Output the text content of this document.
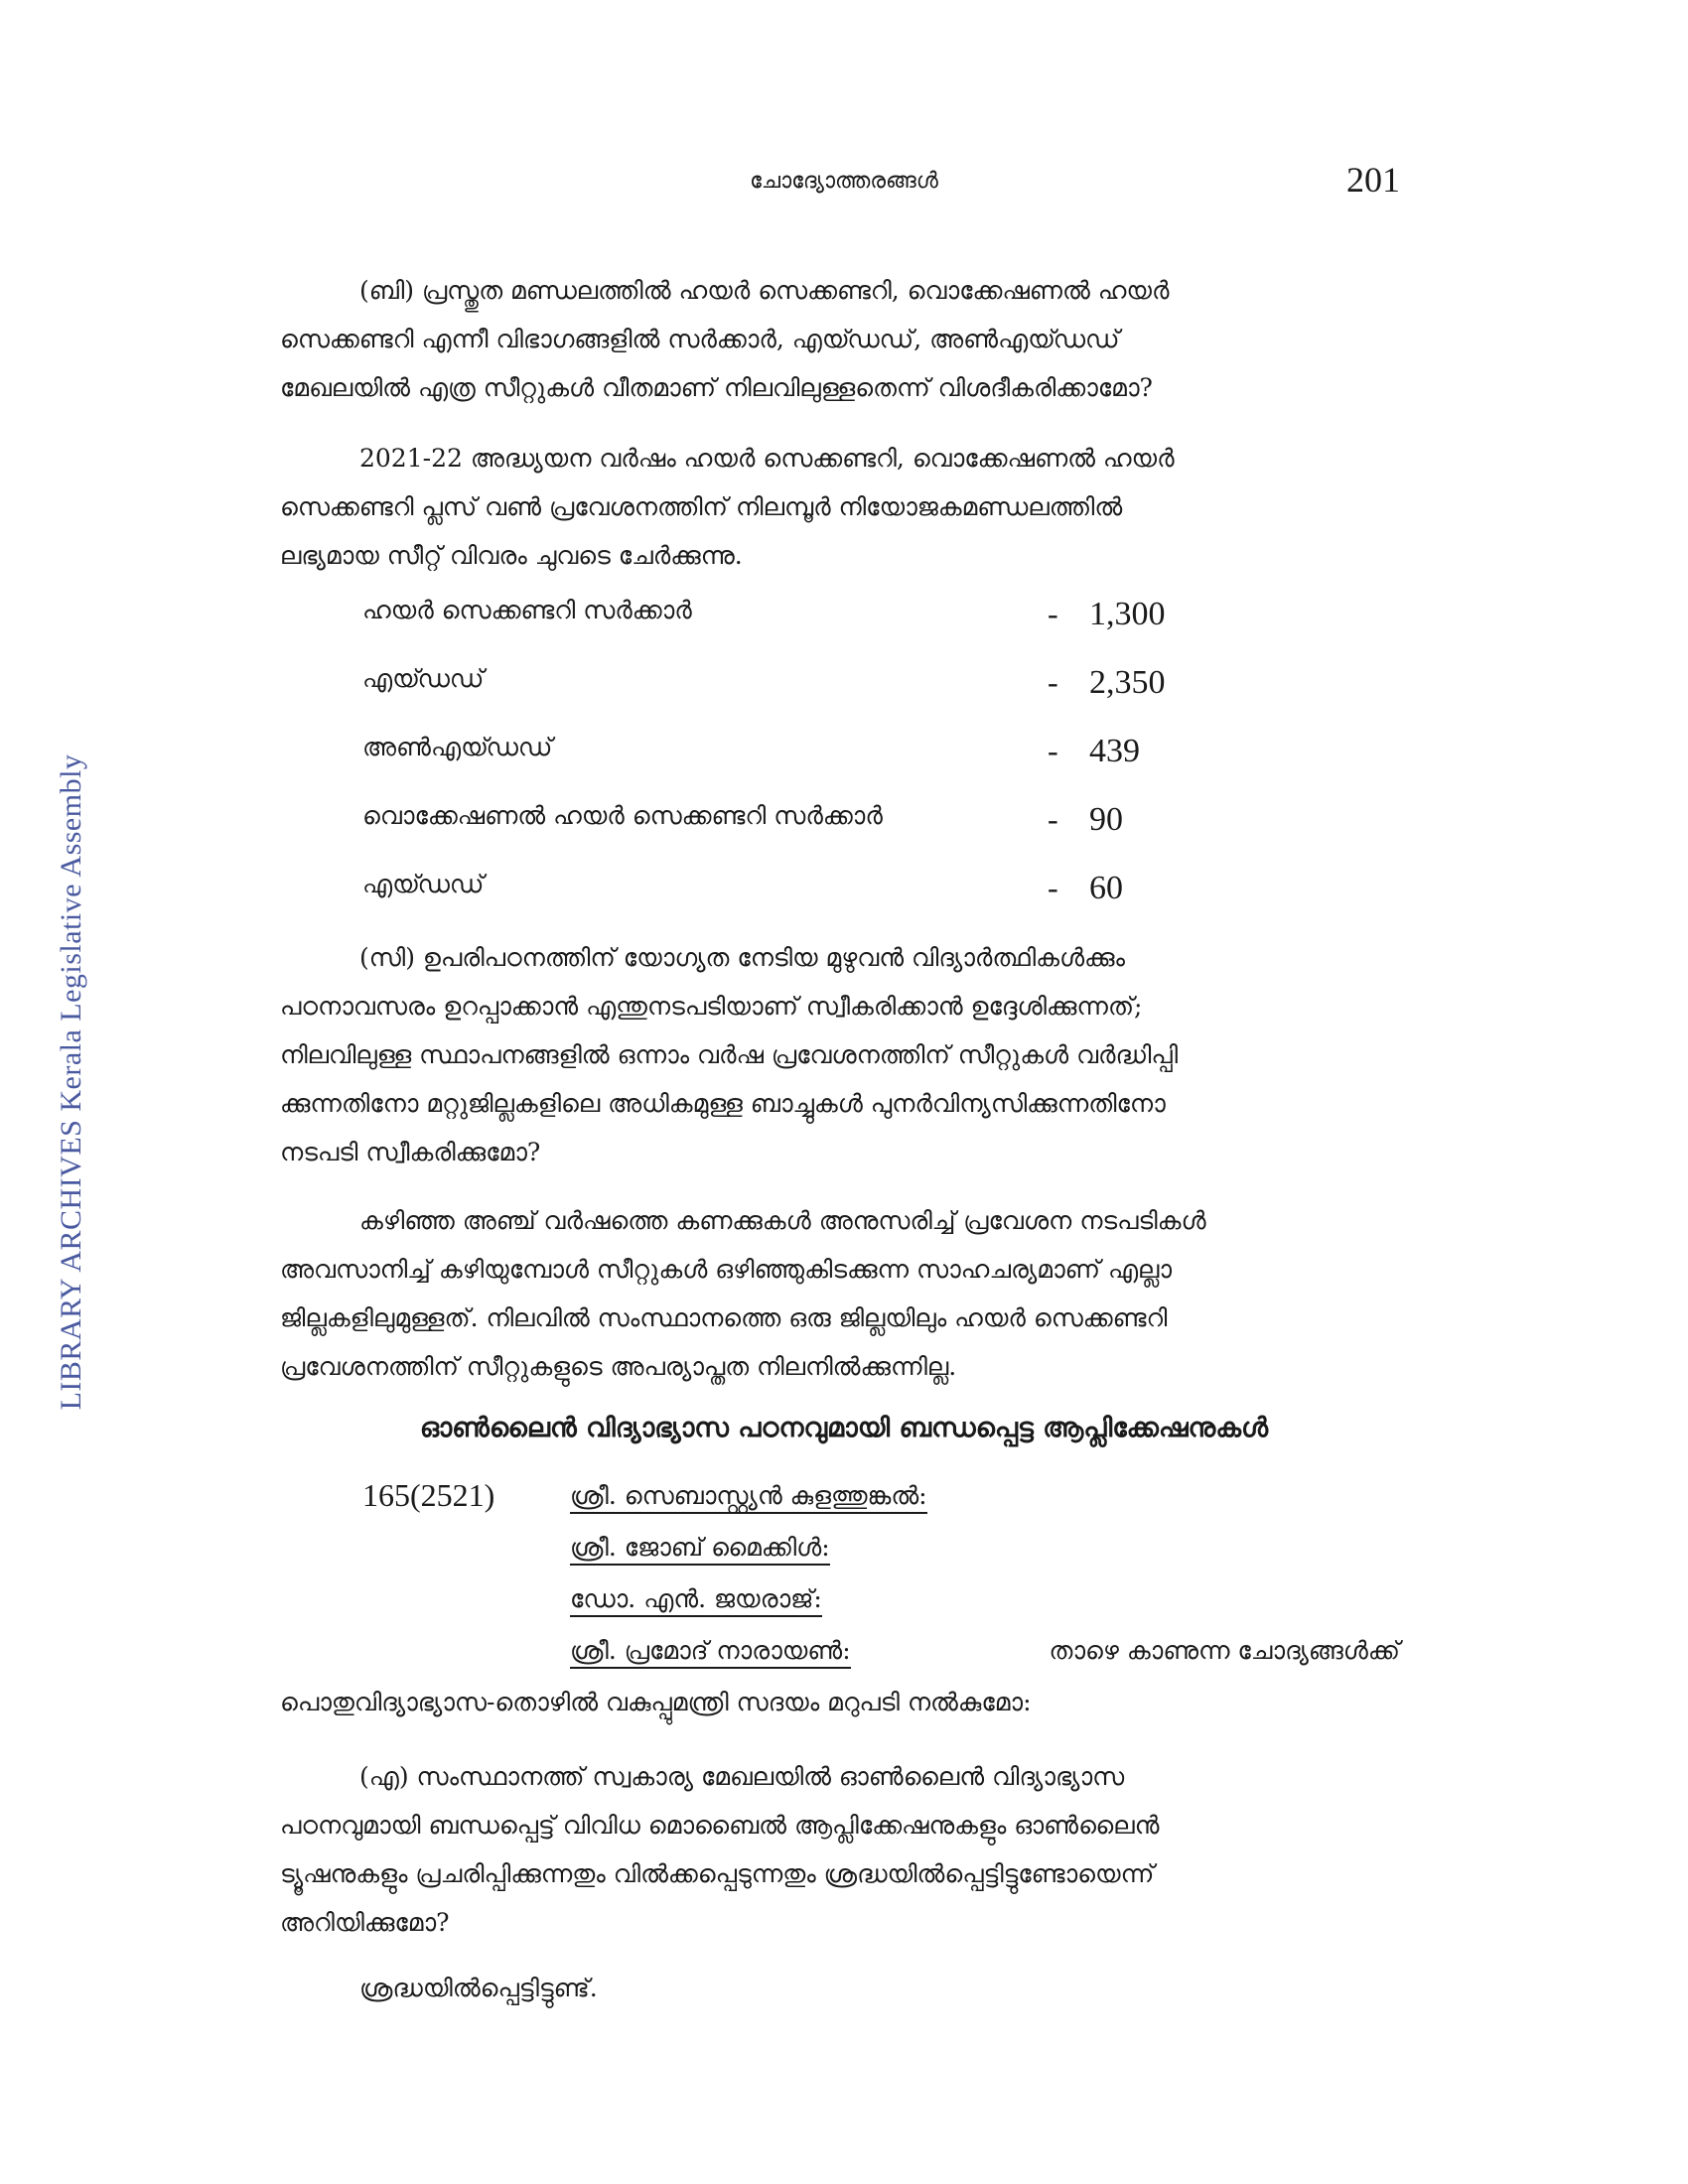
LIBRARY ARCHIVES Kerala Legislative Assembly
ചോദ്യോത്തരങ്ങൾ	201
(ബി) പ്രസ്തുത മണ്ഡലത്തിൽ ഹയർ സെക്കണ്ടറി, വൊക്കേഷണൽ ഹയർ
സെക്കണ്ടറി എന്നീ വിഭാഗങ്ങളിൽ സർക്കാർ, എയ്ഡഡ്, അൺഎയ്ഡഡ്
മേഖലയിൽ എത്ര സീറ്റുകൾ വീതമാണ് നിലവിലുള്ളതെന്ന് വിശദീകരിക്കാമോ?
2021-22 അദ്ധ്യയന വർഷം ഹയർ സെക്കണ്ടറി, വൊക്കേഷണൽ ഹയർ
സെക്കണ്ടറി പ്ലസ് വൺ പ്രവേശനത്തിന് നിലമ്പൂർ നിയോജകമണ്ഡലത്തിൽ
ലഭ്യമായ സീറ്റ് വിവരം ചുവടെ ചേർക്കുന്നു.
ഹയർ സെക്കണ്ടറി സർക്കാർ	- 1,300
എയ്ഡഡ്	- 2,350
അൺഎയ്ഡഡ്	- 439
വൊക്കേഷണൽ ഹയർ സെക്കണ്ടറി സർക്കാർ	- 90
എയ്ഡഡ്	- 60
(സി) ഉപരിപഠനത്തിന് യോഗ്യത നേടിയ മുഴുവൻ വിദ്യാർത്ഥികൾക്കും
പഠനാവസരം ഉറപ്പാക്കാൻ എന്തുനടപടിയാണ് സ്വീകരിക്കാൻ ഉദ്ദേശിക്കുന്നത്;
നിലവിലുള്ള സ്ഥാപനങ്ങളിൽ ഒന്നാം വർഷ പ്രവേശനത്തിന് സീറ്റുകൾ വർദ്ധിപ്പി
ക്കുന്നതിനോ മറ്റുജില്ലകളിലെ അധികമുള്ള ബാച്ചുകൾ പുനർവിന്യസിക്കുന്നതിനോ
നടപടി സ്വീകരിക്കുമോ?
കഴിഞ്ഞ അഞ്ച് വർഷത്തെ കണക്കുകൾ അനുസരിച്ച് പ്രവേശന നടപടികൾ
അവസാനിച്ച് കഴിയുമ്പോൾ സീറ്റുകൾ ഒഴിഞ്ഞുകിടക്കുന്ന സാഹചര്യമാണ് എല്ലാ
ജില്ലകളിലുമുള്ളത്. നിലവിൽ സംസ്ഥാനത്തെ ഒരു ജില്ലയിലും ഹയർ സെക്കണ്ടറി
പ്രവേശനത്തിന് സീറ്റുകളുടെ അപര്യാപ്തത നിലനിൽക്കുന്നില്ല.
ഓൺലൈൻ വിദ്യാഭ്യാസ പഠനവുമായി ബന്ധപ്പെട്ട ആപ്ലിക്കേഷനുകൾ
165(2521)	ശ്രീ. സെബാസ്റ്റ്യൻ കുളത്തുങ്കൽ:
ശ്രീ. ജോബ് മൈക്കിൾ:
ഡോ. എൻ. ജയരാജ്:
ശ്രീ. പ്രമോദ് നാരായൺ:	താഴെ കാണുന്ന ചോദ്യങ്ങൾക്ക്
പൊതുവിദ്യാഭ്യാസ-തൊഴിൽ വകുപ്പുമന്ത്രി സദയം മറുപടി നൽകുമോ:
(എ) സംസ്ഥാനത്ത് സ്വകാര്യ മേഖലയിൽ ഓൺലൈൻ വിദ്യാഭ്യാസ
പഠനവുമായി ബന്ധപ്പെട്ട് വിവിധ മൊബൈൽ ആപ്ലിക്കേഷനുകളും ഓൺലൈൻ
ട്യൂഷനുകളും പ്രചരിപ്പിക്കുന്നതും വിൽക്കപ്പെടുന്നതും ശ്രദ്ധയിൽപ്പെട്ടിട്ടുണ്ടോയെന്ന്
അറിയിക്കുമോ?
ശ്രദ്ധയിൽപ്പെട്ടിട്ടുണ്ട്.
